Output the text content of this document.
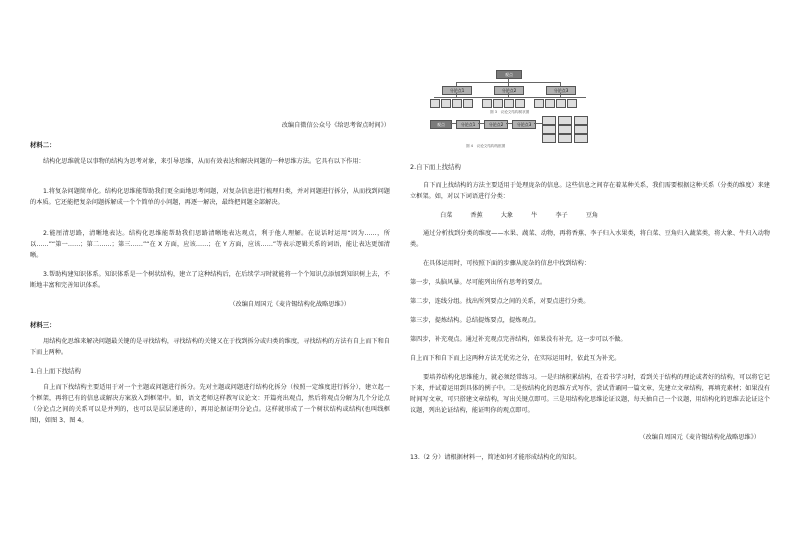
改编自微信公众号《给思考留点时间》）

材料二：

结构化思维就是以事物的结构为思考对象，来引导思维，从而有效表达和解决问题的一种思维方法。它具有以下作用：

1.将复杂问题简单化。结构化思维能帮助我们更全面地思考问题，对复杂信息进行梳理归类，并对问题进行拆分，从而找到问题的本质。它还能把复杂问题拆解成一个个简单的小问题，再逐一解决，最终把问题全部解决。

2.能厘清思路，清晰地表达。结构化思维能帮助我们思路清晰地表达观点，利于他人理解。在说话时运用“因为……，所以……”“第一……；第二……；第三……”“在 X 方面，应该……；在 Y 方面，应该……”等表示逻辑关系的词语，能让表达更加清晰。

3.帮助构建知识体系。知识体系是一个树状结构，建立了这种结构后，在后续学习时就能将一个个知识点添加到知识树上去，不断地丰富和完善知识体系。

（改编自周国元《麦肯锡结构化战略思维》）

材料三：

用结构化思维来解决问题最关键的是寻找结构，寻找结构的关键又在于找到拆分或归类的维度，寻找结构的方法有自上而下和自下而上两种。

1.自上而下找结构

自上而下找结构主要适用于对一个主题或问题进行拆分。先对主题或问题进行结构化拆分（按照一定维度进行拆分），建立起一个框架，再将已有的信息或解决方案放入到框架中。如，语文老师这样教写议论文：开篇亮出观点，然后将观点分解为几个分论点（分论点之间的关系可以是并列的，也可以是层层递进的），再用论据证明分论点。这样就形成了一个树状结构或结构(也叫线框图)，如图 3、图 4。

观点
分论点1	分论点2	分论点3
图 3　议论文结构树状图
观点	分论点1	分论点2	分论点3
图 4　议论文结构线框图

2.自下而上找结构

自下而上找结构的方法主要适用于处理庞杂的信息。这些信息之间存在着某种关系，我们需要根据这种关系（分类的维度）来建立框架。如，对以下词语进行分类：

白菜	香蕉	大象	牛	李子	豆角

通过分析找到分类的维度——水果、蔬菜、动物，再将香蕉、李子归入水果类，将白菜、豆角归入蔬菜类，将大象、牛归入动物类。

在具体运用时，可按照下面的步骤从庞杂的信息中找到结构：

第一步，头脑风暴。尽可能列出所有思考的要点。

第二步，连线分组。找出所列要点之间的关系，对要点进行分类。

第三步，提炼结构。总结提炼要点，提炼观点。

第四步，补充观点。通过补充观点完善结构，如果没有补充，这一步可以不做。

自上而下和自下而上这两种方法无优劣之分，在实际运用时，依此互为补充。

要培养结构化思维能力，就必须经常练习。一是归纳积累结构，在看书学习时，看到关于结构的理论或者好的结构，可以将它记下来，并试着运用到具体的例子中。二是按结构化的思维方式写作，尝试背诵同一篇文章，先建立文章结构，再填充素材；如果没有时间写文章，可只搭建文章结构，写出关键点即可。三是用结构化思维论证议题，每天抽自己一个议题，用结构化的思维去论证这个议题，列出论证结构，能证明你的观点即可。

（改编自周国元《麦肯锡结构化战略思维》）

13.（2 分）请根据材料一，简述如何才能形成结构化的知识。
